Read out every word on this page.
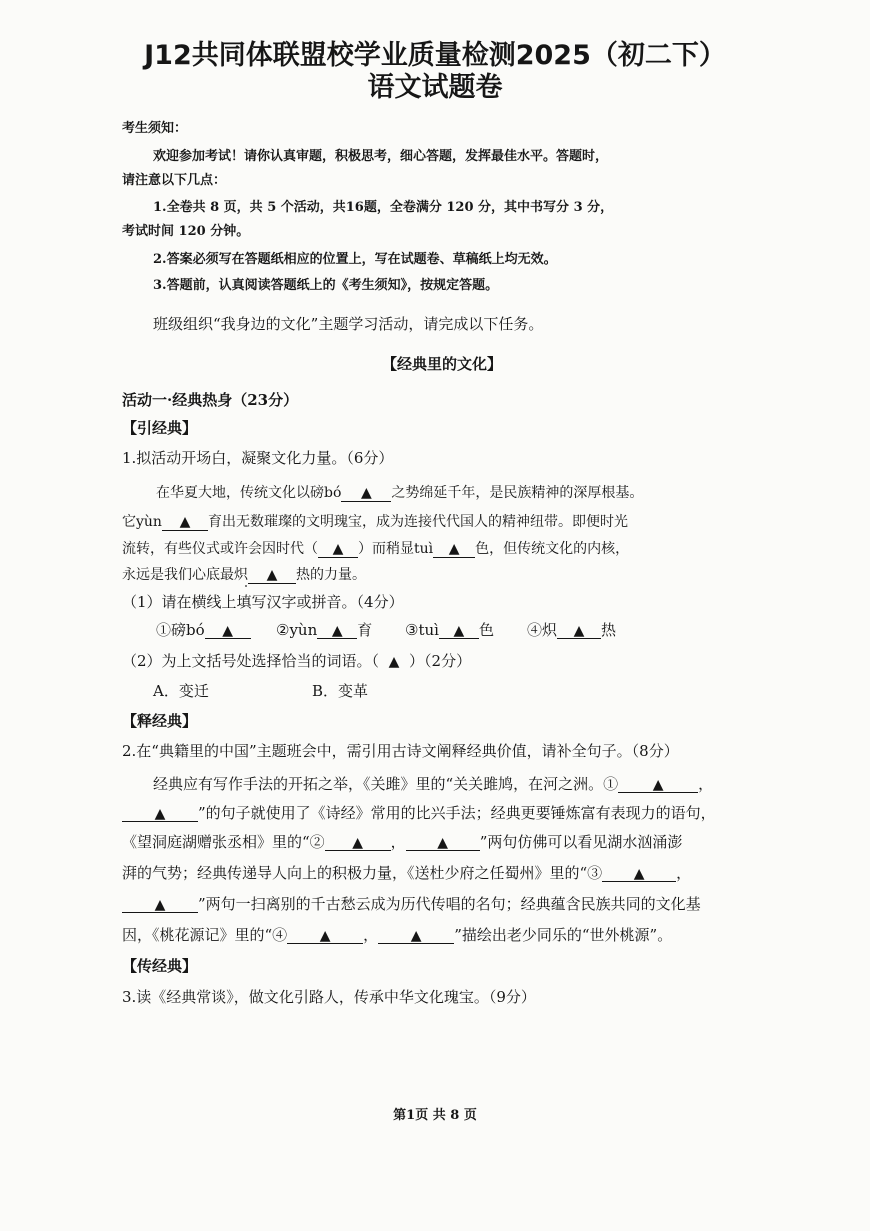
J12共同体联盟校学业质量检测2025（初二下）
语文试题卷
考生须知：
欢迎参加考试！请你认真审题，积极思考，细心答题，发挥最佳水平。答题时，
请注意以下几点：
1.全卷共 8 页，共 5 个活动，共16题，全卷满分 120 分，其中书写分 3 分，
考试时间 120 分钟。
2.答案必须写在答题纸相应的位置上，写在试题卷、草稿纸上均无效。
3.答题前，认真阅读答题纸上的《考生须知》，按规定答题。
班级组织“我身边的文化”主题学习活动，请完成以下任务。
【经典里的文化】
活动一·经典热身（23分）
【引经典】
1.拟活动开场白，凝聚文化力量。（6分）
在华夏大地，传统文化以磅bó ▲ 之势绵延千年，是民族精神的深厚根基。
它yùn ▲ 育出无数璀璨的文明瑰宝，成为连接代代国人的精神纽带。即便时光
流转，有些仪式或许会因时代（ ▲ ）而稍显tuì ▲ 色，但传统文化的内核，
永远是我们心底最炽 ▲ 热的力量。
（1）请在横线上填写汉字或拼音。（4分）
①磅bó ▲	②yùn ▲ 育 ③tuì ▲ 色 ④炽 ▲ 热
（2）为上文括号处选择恰当的词语。（ ▲ ）（2分）
A．变迁	B．变革
【释经典】
2.在“典籍里的中国”主题班会中，需引用古诗文阐释经典价值，请补全句子。（8分）
经典应有写作手法的开拓之举，《关雎》里的“关关雎鸠，在河之洲。① ▲ ，
▲ ”的句子就使用了《诗经》常用的比兴手法；经典更要锤炼富有表现力的语句，
《望洞庭湖赠张丞相》里的“② ▲ ， ▲ ”两句仿佛可以看见湖水汹涌澎
湃的气势；经典传递导人向上的积极力量，《送杜少府之任蜀州》里的“③ ▲ ，
▲ ”两句一扫离别的千古愁云成为历代传唱的名句；经典蕴含民族共同的文化基
因，《桃花源记》里的“④ ▲ ， ▲ ”描绘出老少同乐的“世外桃源”。
【传经典】
3.读《经典常谈》，做文化引路人，传承中华文化瑰宝。（9分）
第1页 共 8 页
